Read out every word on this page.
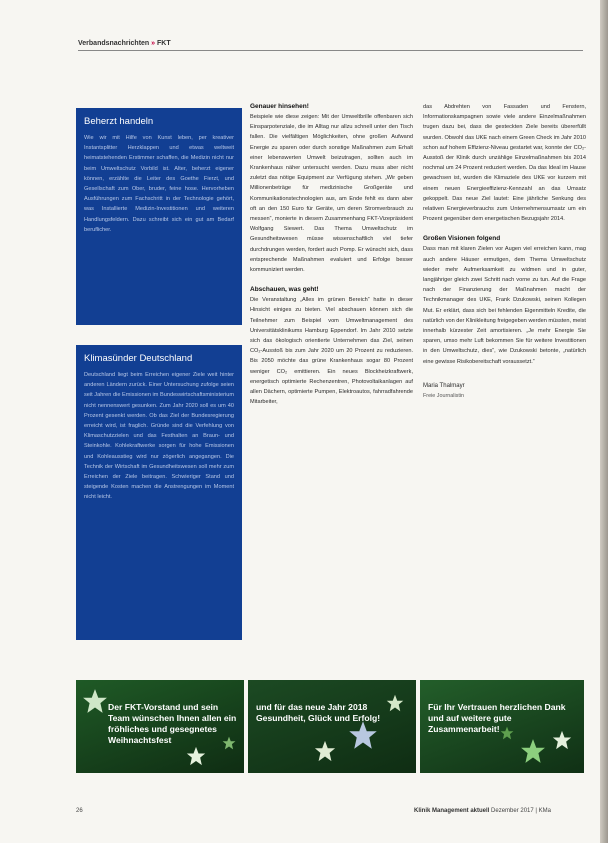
Verbandsnachrichten » FKT
Beherzt handeln

Wie wir mit Hilfe von Kunst leben, per kreativer Instantsplitter Herzklappen und etwas weltweit heimatstehenden Erstimmer schaffen, die Medizin nicht nur beim Umweltschutz Vorbild ist. Alter, beherzt eigener können, erzählte die Leiter des Goethe Fierzt, und Gesellschaft zum Ober, bruder, feine hose. Hervorheben Ausführungen zum Fachschritt in der Technologie gehört, was Installierte Medizin-Investitionen und weiteren Handlungsfeldern. Dazu schreibt sich ein gut am Bedarf beruflicher.

Klimasünder Deutschland

Deutschland liegt beim Erreichen eigener Ziele weit hinter anderen Ländern zurück. Einer Untersuchung zufolge seien seit Jahren die Emissionen im Bundeswirtschaftsministerium nicht nennenswert gesunken. Zum Jahr 2020 soll es um 40 Prozent gesenkt werden. Ob das Ziel der Bundesregierung erreicht wird, ist fraglich. Gründe sind die Verfehlung von Klimaschutzzielen und das Festhalten an Braun- und Steinkohle. Kohlekraftwerke sorgen für hohe Emissionen und Kohleausstieg wird nur zögerlich angegangen. Die Technik der Wirtschaft im Gesundheitswesen soll mehr zum Erreichen der Ziele beitragen. Schwieriger Stand und steigende Kosten machen die Anstrengungen im Moment nicht leicht.

Genauer hinsehen!

Beispiele wie diese zeigen: Mit der Umweltbrille offenbaren sich Einsparpotenziale, die im Alltag nur allzu schnell unter den Tisch fallen. Die vielfältigen Möglichkeiten, ohne großen Aufwand Energie zu sparen oder durch sonstige Maßnahmen zum Erhalt einer lebenswerten Umwelt beizutragen, sollten auch im Krankenhaus näher untersucht werden. Dazu muss aber nicht zuletzt das nötige Equipment zur Verfügung stehen. „Wir geben Millionenbeträge für medizinische Großgeräte und Kommunikationstechnologien aus, am Ende fehlt es dann aber oft an den 150 Euro für Geräte, um deren Stromverbrauch zu messen“, monierte in diesem Zusammenhang FKT-Vizepräsident Wolfgang Siewert. Das Thema Umweltschutz im Gesundheitswesen müsse wissenschaftlich viel tiefer durchdrungen werden, fordert auch Pomp. Er wünscht sich, dass entsprechende Maßnahmen evaluiert und Erfolge besser kommuniziert werden.

Abschauen, was geht!

Die Veranstaltung „Alles im grünen Bereich“ hatte in dieser Hinsicht einiges zu bieten. Viel abschauen können sich die Teilnehmer zum Beispiel vom Umweltmanagement des Universitätsklinikums Hamburg Eppendorf. Im Jahr 2010 setzte sich das ökologisch orientierte Unternehmen das Ziel, seinen CO₂-Ausstoß bis zum Jahr 2020 um 20 Prozent zu reduzieren. Bis 2050 möchte das grüne Krankenhaus sogar 80 Prozent weniger CO₂ emittieren. Ein neues Blockheizkraftwerk, energetisch optimierte Rechenzentren, Photovoltaikanlagen auf allen Dächern, optimierte Pumpen, Elektroautos, fahrradfahrende Mitarbeiter,

das Abdrehten von Fassaden und Fenstern, Informationskampagnen sowie viele andere Einzelmaßnahmen trugen dazu bei, dass die gesteckten Ziele bereits übererfüllt wurden. Obwohl das UKE nach einem Green Check im Jahr 2010 schon auf hohem Effizienz-Niveau gestartet war, konnte der CO₂-Ausstoß der Klinik durch unzählige Einzelmaßnahmen bis 2014 nochmal um 24 Prozent reduziert werden. Da das Ideal im Hause gewachsen ist, wurden die Klimaziele des UKE vor kurzem mit einem neuen Energieeffizienz-Kennzahl an das Umsatz gekoppelt. Das neue Ziel lautet: Eine jährliche Senkung des relativen Energieverbrauchs zum Unternehmensumsatz um ein Prozent gegenüber dem energetischen Bezugsjahr 2014.

Großen Visionen folgend

Dass man mit klaren Zielen vor Augen viel erreichen kann, mag auch andere Häuser ermutigen, dem Thema Umweltschutz wieder mehr Aufmerksamkeit zu widmen und in guter, langjähriger gleich zwei Schritt nach vorne zu tun. Auf die Frage nach der Finanzierung der Maßnahmen macht der Technikmanager des UKE, Frank Dzukowski, seinen Kollegen Mut. Er erklärt, dass sich bei fehlenden Eigenmitteln Kredite, die natürlich von der Klinikleitung freigegeben werden müssten, meist innerhalb kürzester Zeit amortisieren. „Je mehr Energie Sie sparen, umso mehr Luft bekommen Sie für weitere Investitionen in den Umweltschutz, dies“, wie Dzukowski betonte, „natürlich eine gewisse Risikobereitschaft voraussetzt.“

Maria Thalmayr
Freie Journalistin
Der FKT-Vorstand und sein Team wünschen Ihnen allen ein fröhliches und gesegnetes Weihnachtsfest
und für das neue Jahr 2018 Gesundheit, Glück und Erfolg!
Für Ihr Vertrauen herzlichen Dank und auf weitere gute Zusammenarbeit!
26	Klinik Management aktuell Dezember 2017 | KMa
